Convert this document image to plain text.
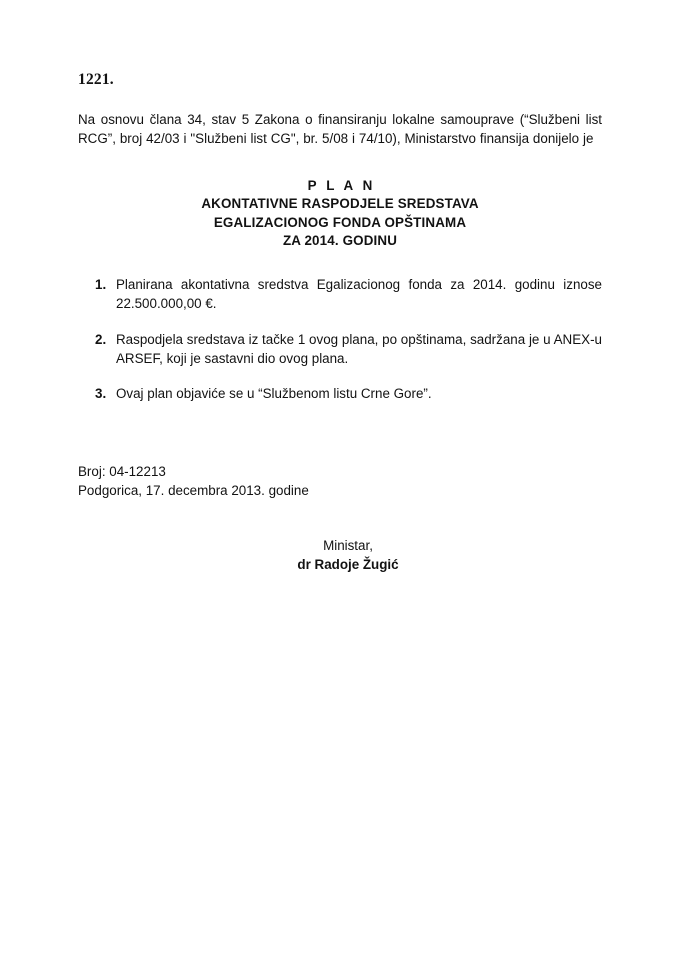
1221.

Na osnovu člana 34, stav 5 Zakona o finansiranju lokalne samouprave (“Službeni list RCG”, broj 42/03 i "Službeni list CG", br. 5/08 i 74/10), Ministarstvo finansija donijelo je

P L A N
AKONTATIVNE RASPODJELE SREDSTAVA
EGALIZACIONOG FONDA OPŠTINAMA
ZA 2014. GODINU
1. Planirana akontativna sredstva Egalizacionog fonda za 2014. godinu iznose 22.500.000,00 €.
2. Raspodjela sredstava iz tačke 1 ovog plana, po opštinama, sadržana je u ANEX-u ARSEF, koji je sastavni dio ovog plana.
3. Ovaj plan objaviće se u “Službenom listu Crne Gore”.
Broj: 04-12213
Podgorica, 17. decembra 2013. godine
Ministar,
dr Radoje Žugić
